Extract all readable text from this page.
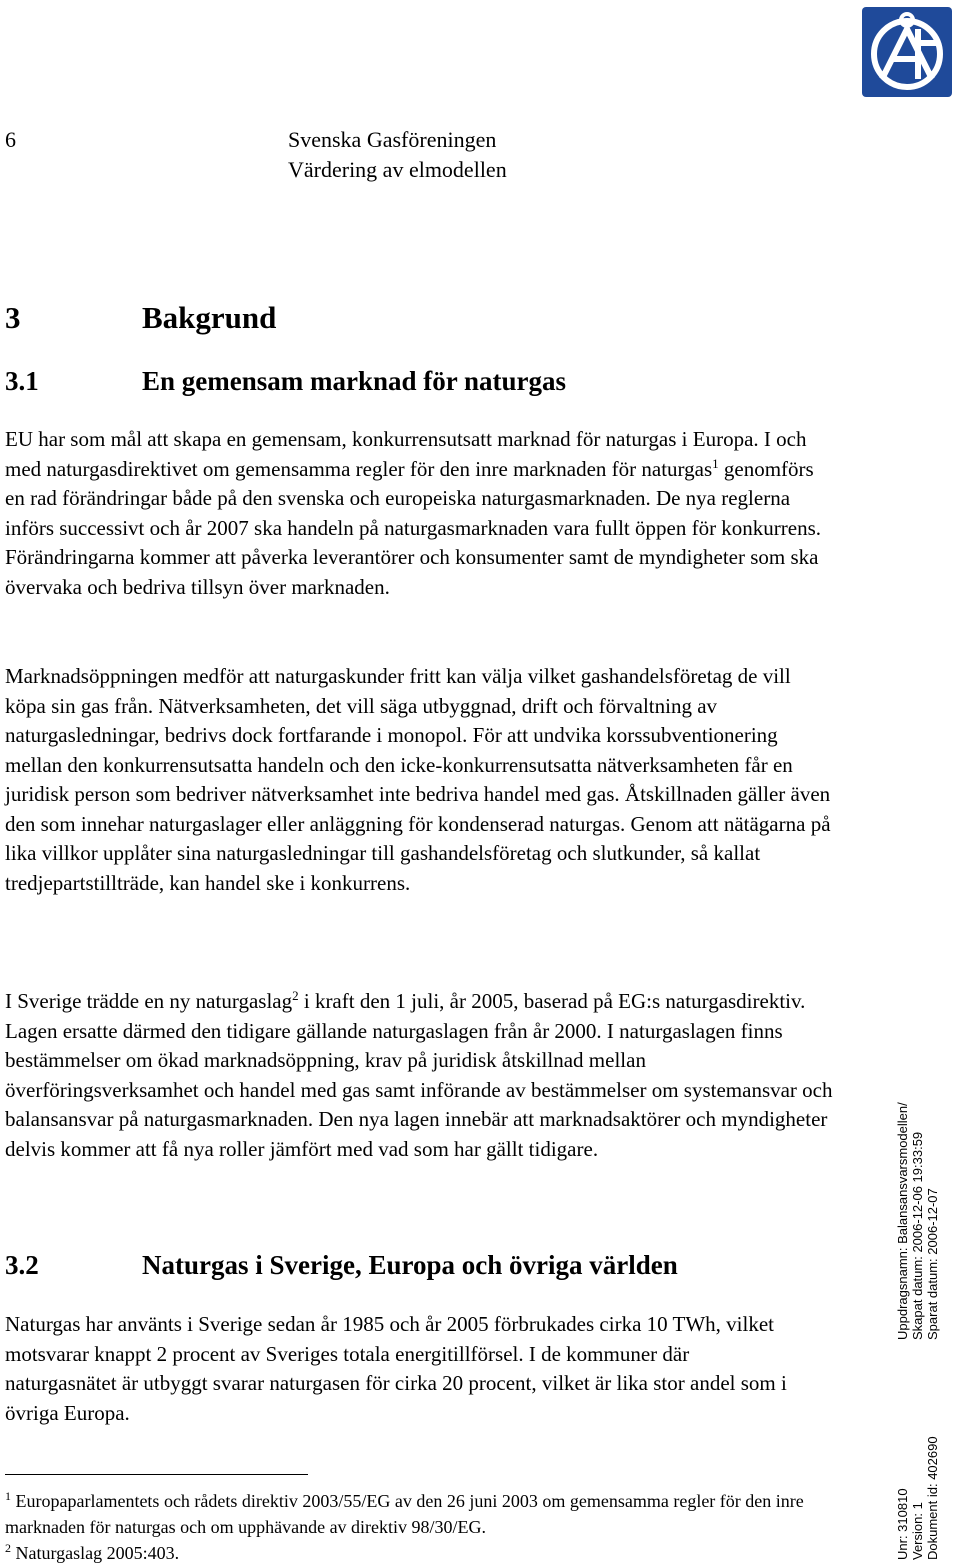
6	Svenska Gasföreningen
Värdering av elmodellen
3	Bakgrund
3.1	En gemensam marknad för naturgas

EU har som mål att skapa en gemensam, konkurrensutsatt marknad för naturgas i Europa. I och med naturgasdirektivet om gemensamma regler för den inre marknaden för naturgas$^1$ genomförs en rad förändringar både på den svenska och europeiska naturgasmarknaden. De nya reglerna införs successivt och år 2007 ska handeln på naturgasmarknaden vara fullt öppen för konkurrens. Förändringarna kommer att påverka leverantörer och konsumenter samt de myndigheter som ska övervaka och bedriva tillsyn över marknaden.

Marknadsöppningen medför att naturgaskunder fritt kan välja vilket gashandelsföretag de vill köpa sin gas från. Nätverksamheten, det vill säga utbyggnad, drift och förvaltning av naturgasledningar, bedrivs dock fortfarande i monopol. För att undvika korssubventionering mellan den konkurrensutsatta handeln och den icke-konkurrensutsatta nätverksamheten får en juridisk person som bedriver nätverksamhet inte bedriva handel med gas. Åtskillnaden gäller även den som innehar naturgaslager eller anläggning för kondenserad naturgas. Genom att nätägarna på lika villkor upplåter sina naturgasledningar till gashandelsföretag och slutkunder, så kallat tredjepartstillträde, kan handel ske i konkurrens.

I Sverige trädde en ny naturgaslag$^2$ i kraft den 1 juli, år 2005, baserad på EG:s naturgasdirektiv. Lagen ersatte därmed den tidigare gällande naturgaslagen från år 2000. I naturgaslagen finns bestämmelser om ökad marknadsöppning, krav på juridisk åtskillnad mellan överföringsverksamhet och handel med gas samt införande av bestämmelser om systemansvar och balansansvar på naturgasmarknaden. Den nya lagen innebär att marknadsaktörer och myndigheter delvis kommer att få nya roller jämfört med vad som har gällt tidigare.

3.2	Naturgas i Sverige, Europa och övriga världen

Naturgas har använts i Sverige sedan år 1985 och år 2005 förbrukades cirka 10 TWh, vilket motsvarar knappt 2 procent av Sveriges totala energitillförsel. I de kommuner där naturgasnätet är utbyggt svarar naturgasen för cirka 20 procent, vilket är lika stor andel som i övriga Europa.

$^1$ Europaparlamentets och rådets direktiv 2003/55/EG av den 26 juni 2003 om gemensamma regler för den inre marknaden för naturgas och om upphävande av direktiv 98/30/EG.

$^2$ Naturgaslag 2005:403.

Uppdragsnamn: Balansansvarsmodellen/
Unr: 310810
Skapat datum: 2006-12-06 19:33:59
Version: 1
Sparat datum: 2006-12-07
Dokument id: 402690
